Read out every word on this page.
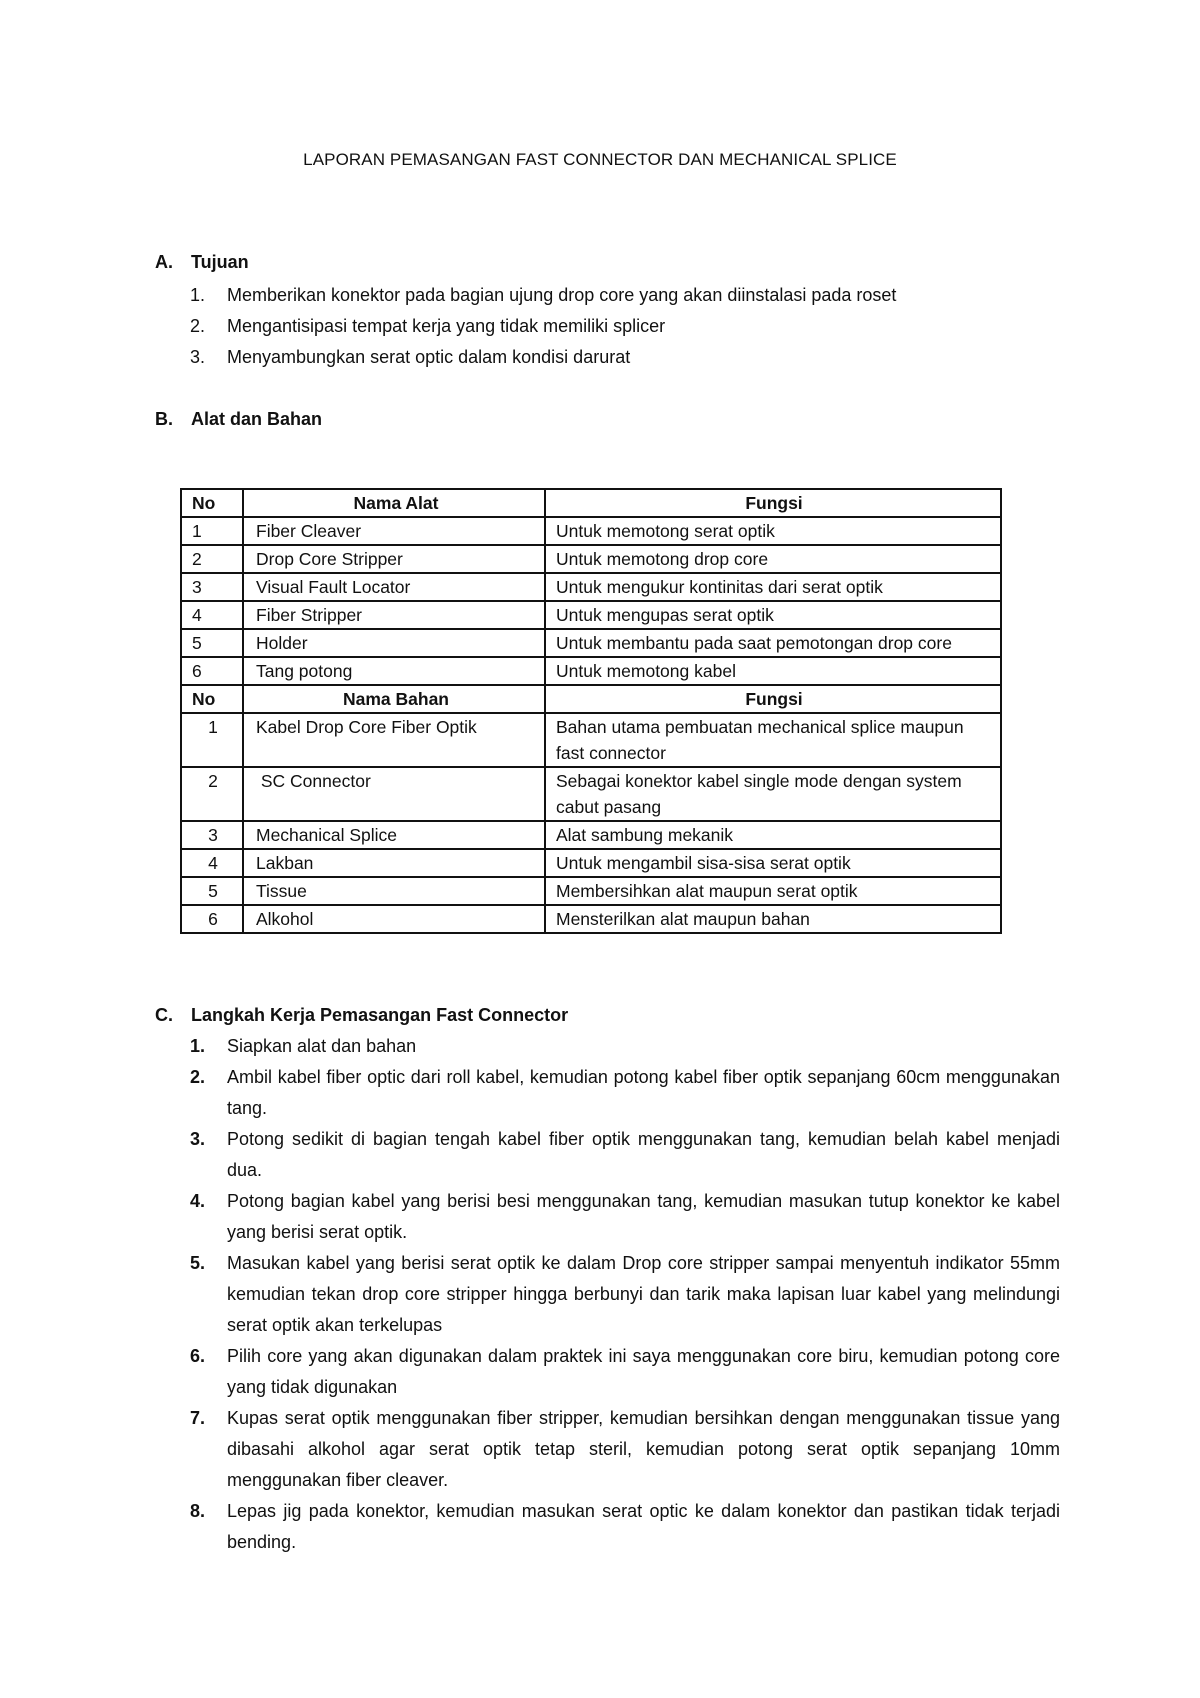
LAPORAN PEMASANGAN FAST CONNECTOR DAN MECHANICAL SPLICE
A. Tujuan
1. Memberikan konektor pada bagian ujung drop core yang akan diinstalasi pada roset
2. Mengantisipasi tempat kerja yang tidak memiliki splicer
3. Menyambungkan serat optic dalam kondisi darurat
B. Alat dan Bahan
No	Nama Alat	Fungsi
1	Fiber Cleaver	Untuk memotong serat optik
2	Drop Core Stripper	Untuk memotong drop core
3	Visual Fault Locator	Untuk mengukur kontinitas dari serat optik
4	Fiber Stripper	Untuk mengupas serat optik
5	Holder	Untuk membantu pada saat pemotongan drop core
6	Tang potong	Untuk memotong kabel
No	Nama Bahan	Fungsi
1	Kabel Drop Core Fiber Optik	Bahan utama pembuatan mechanical splice maupun fast connector
2	SC Connector	Sebagai konektor kabel single mode dengan system cabut pasang
3	Mechanical Splice	Alat sambung mekanik
4	Lakban	Untuk mengambil sisa-sisa serat optik
5	Tissue	Membersihkan alat maupun serat optik
6	Alkohol	Mensterilkan alat maupun bahan
C. Langkah Kerja Pemasangan Fast Connector
1. Siapkan alat dan bahan
2. Ambil kabel fiber optic dari roll kabel, kemudian potong kabel fiber optik sepanjang 60cm menggunakan tang.
3. Potong sedikit di bagian tengah kabel fiber optik menggunakan tang, kemudian belah kabel menjadi dua.
4. Potong bagian kabel yang berisi besi menggunakan tang, kemudian masukan tutup konektor ke kabel yang berisi serat optik.
5. Masukan kabel yang berisi serat optik ke dalam Drop core stripper sampai menyentuh indikator 55mm kemudian tekan drop core stripper hingga berbunyi dan tarik maka lapisan luar kabel yang melindungi serat optik akan terkelupas
6. Pilih core yang akan digunakan dalam praktek ini saya menggunakan core biru, kemudian potong core yang tidak digunakan
7. Kupas serat optik menggunakan fiber stripper, kemudian bersihkan dengan menggunakan tissue yang dibasahi alkohol agar serat optik tetap steril, kemudian potong serat optik sepanjang 10mm menggunakan fiber cleaver.
8. Lepas jig pada konektor, kemudian masukan serat optic ke dalam konektor dan pastikan tidak terjadi bending.
